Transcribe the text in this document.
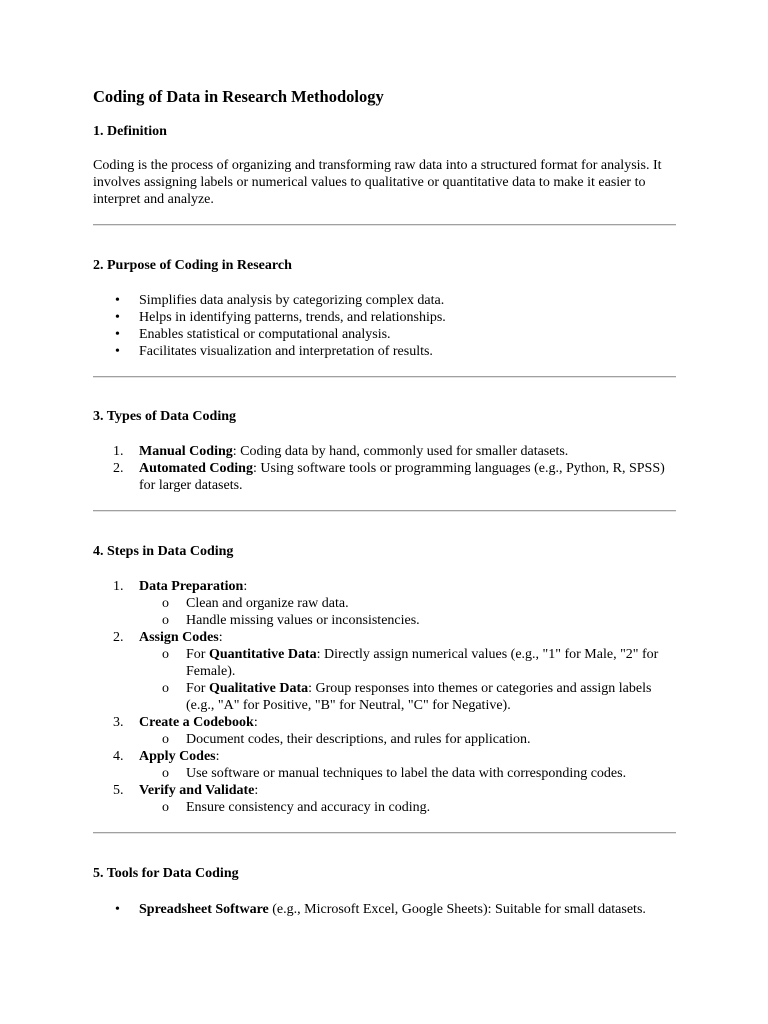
Coding of Data in Research Methodology
1. Definition

Coding is the process of organizing and transforming raw data into a structured format for analysis. It involves assigning labels or numerical values to qualitative or quantitative data to make it easier to interpret and analyze.

2. Purpose of Coding in Research
• Simplifies data analysis by categorizing complex data.
• Helps in identifying patterns, trends, and relationships.
• Enables statistical or computational analysis.
• Facilitates visualization and interpretation of results.
3. Types of Data Coding
1. Manual Coding: Coding data by hand, commonly used for smaller datasets.
2. Automated Coding: Using software tools or programming languages (e.g., Python, R, SPSS) for larger datasets.
4. Steps in Data Coding
1. Data Preparation:
o Clean and organize raw data.
o Handle missing values or inconsistencies.
2. Assign Codes:
o For Quantitative Data: Directly assign numerical values (e.g., "1" for Male, "2" for Female).
o For Qualitative Data: Group responses into themes or categories and assign labels (e.g., "A" for Positive, "B" for Neutral, "C" for Negative).
3. Create a Codebook:
o Document codes, their descriptions, and rules for application.
4. Apply Codes:
o Use software or manual techniques to label the data with corresponding codes.
5. Verify and Validate:
o Ensure consistency and accuracy in coding.
5. Tools for Data Coding
• Spreadsheet Software (e.g., Microsoft Excel, Google Sheets): Suitable for small datasets.
